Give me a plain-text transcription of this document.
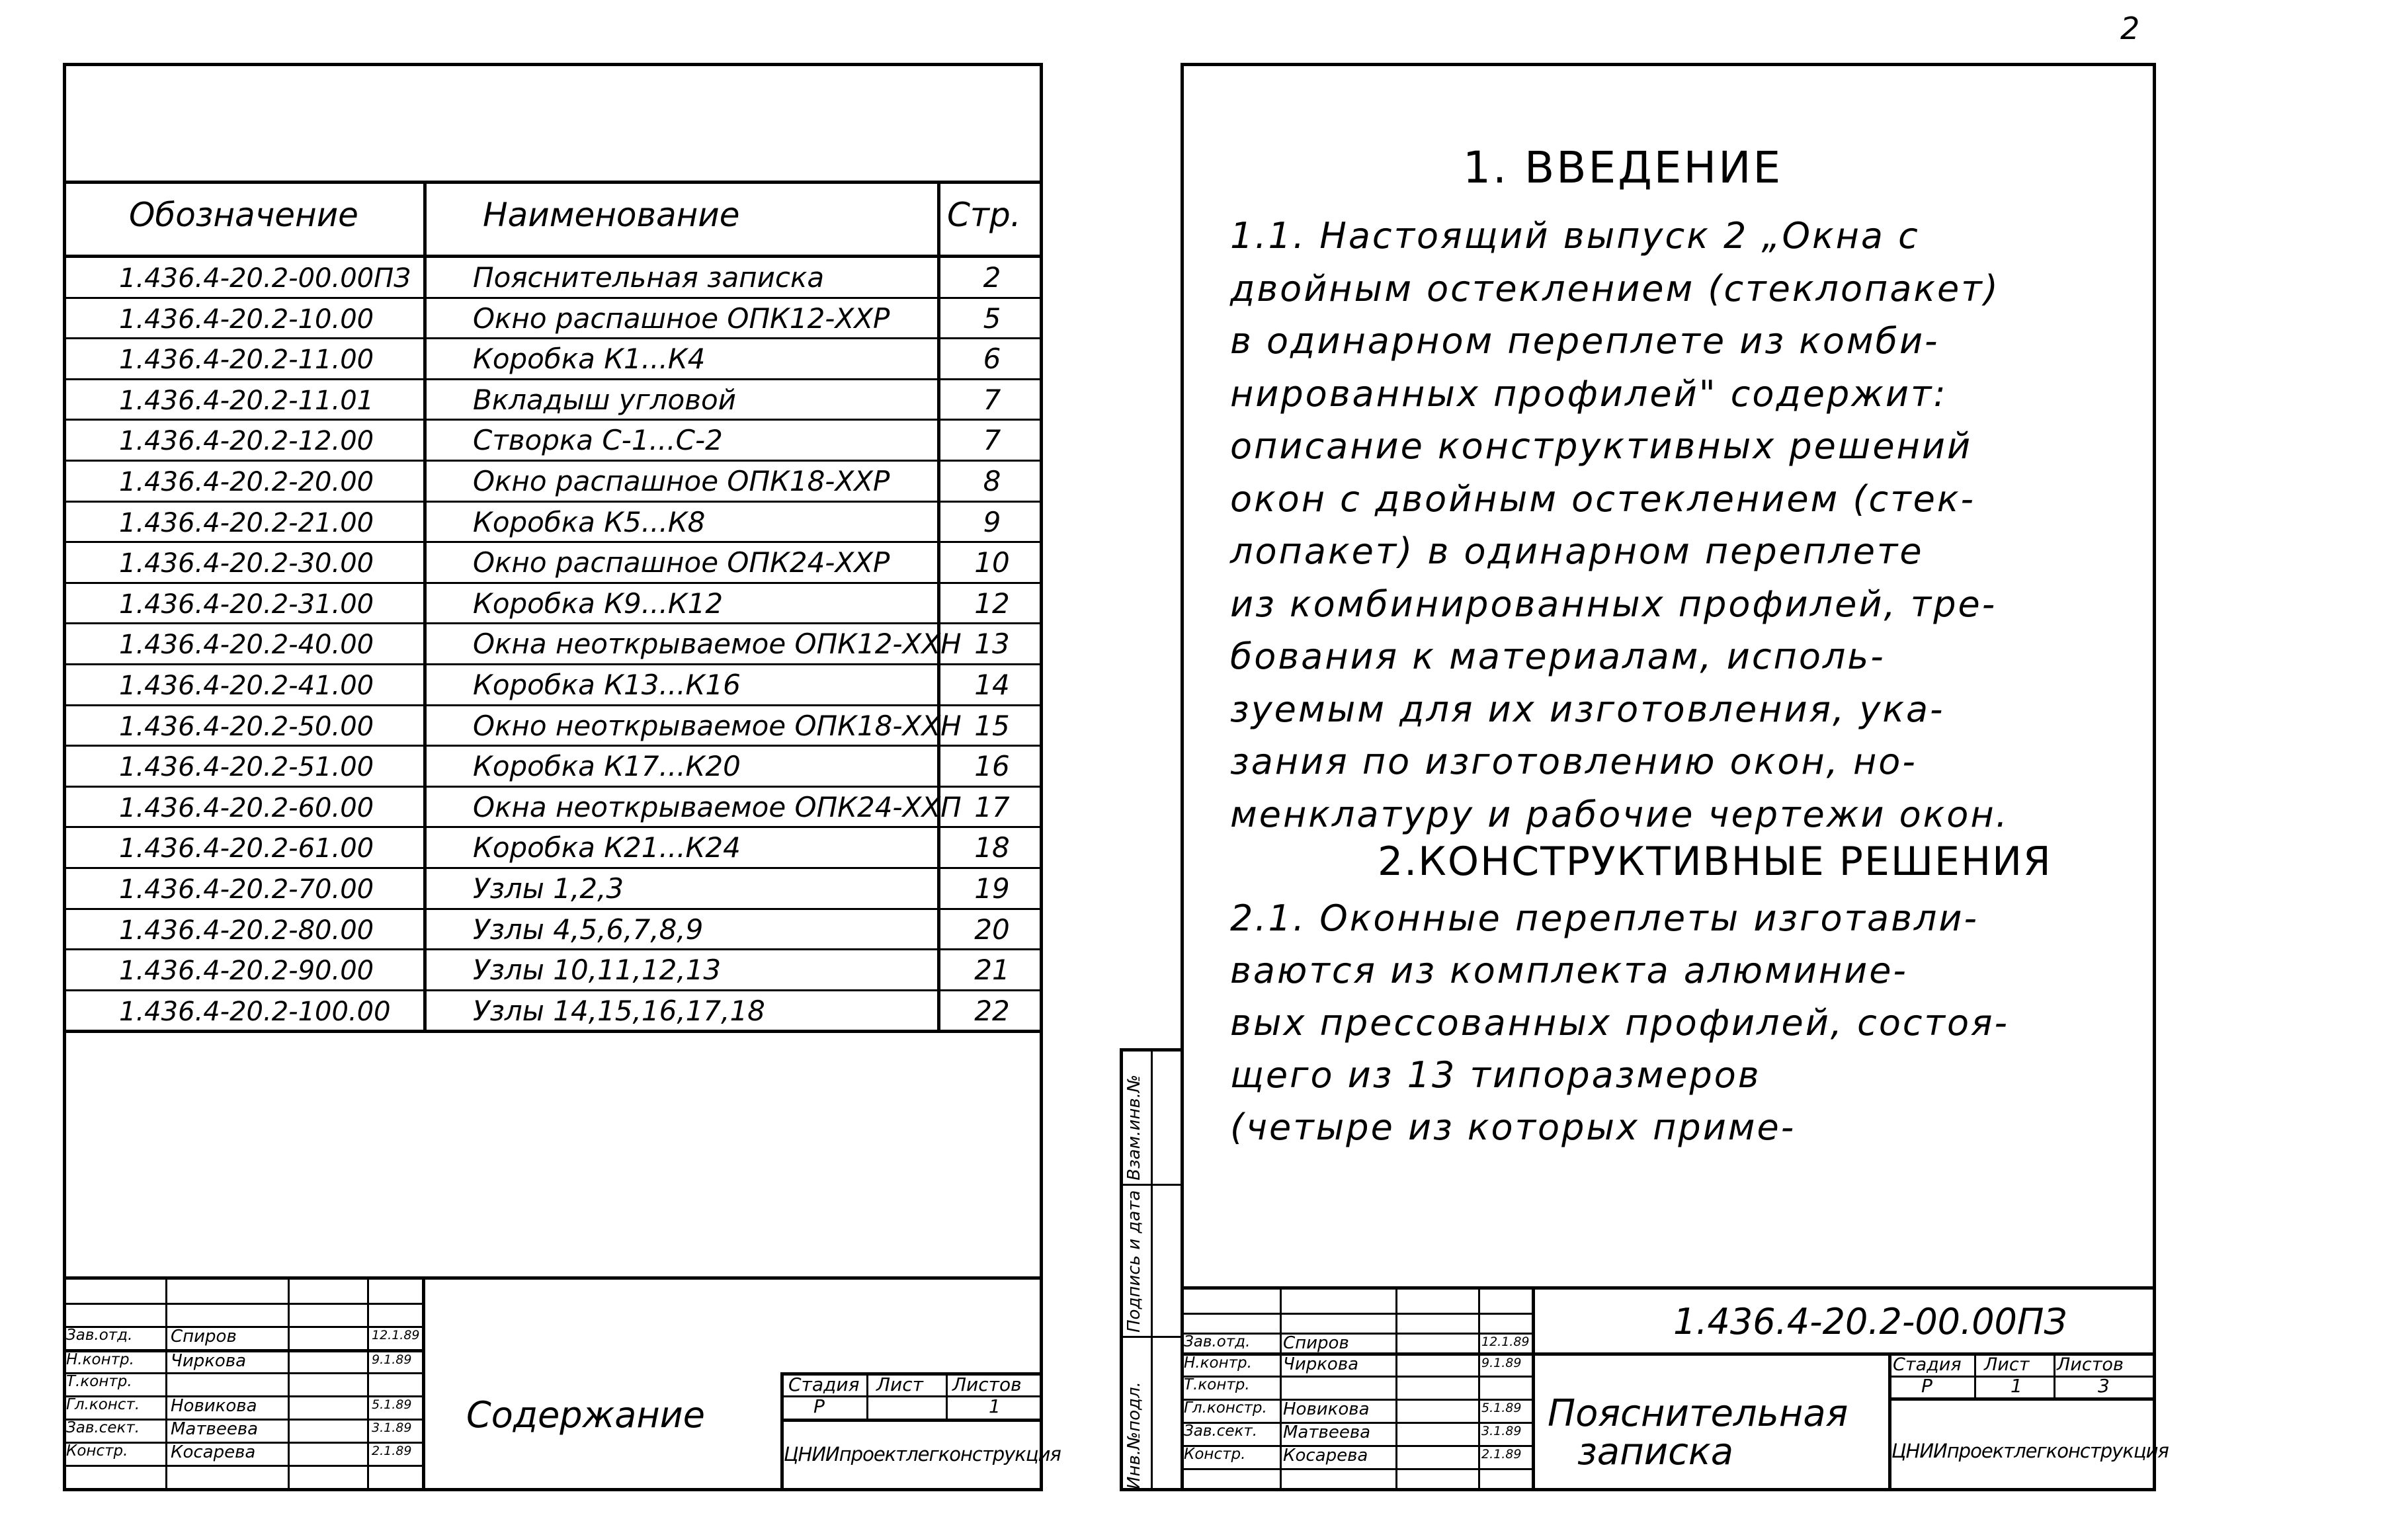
2
Обозначение	Наименование	Стр.
1.436.4-20.2-00.00ПЗ Пояснительная записка	2
1.436.4-20.2-10.00	Окно распашное ОПК12-ХХР	5
1.436.4-20.2-11.00	Коробка К1...К4	6
1.436.4-20.2-11.01	Вкладыш угловой	7
1.436.4-20.2-12.00	Створка С-1...С-2	7
1.436.4-20.2-20.00	Окно распашное ОПК18-ХХР	8
1.436.4-20.2-21.00	Коробка К5...К8	9
1.436.4-20.2-30.00	Окно распашное ОПК24-ХХР	10
1.436.4-20.2-31.00	Коробка К9...К12	12
1.436.4-20.2-40.00	Окна неоткрываемое ОПК12-ХХН 13
1.436.4-20.2-41.00	Коробка К13...К16	14
1.436.4-20.2-50.00	Окно неоткрываемое ОПК18-ХХН 15
1.436.4-20.2-51.00	Коробка К17...К20	16
1.436.4-20.2-60.00	Окна неоткрываемое ОПК24-ХХП 17
1.436.4-20.2-61.00	Коробка К21...К24	18
1.436.4-20.2-70.00	Узлы 1,2,3	19
1.436.4-20.2-80.00	Узлы 4,5,6,7,8,9	20
1.436.4-20.2-90.00	Узлы 10,11,12,13	21
1.436.4-20.2-100.00	Узлы 14,15,16,17,18	22
Зав.отд. Спиров	12.1.89
Н.контр. Чиркова	9.1.89
Т.контр.
Гл.конст. Новикова	5.1.89
Зав.сект. Матвеева	3.1.89
Констр. Косарева	2.1.89
Содержание
Стадия Лист Листов
Р	1
ЦНИИпроектлегконструкция	Инв.№подл.
Подпись и дата
Взам.инв.№
1. ВВЕДЕНИЕ
1.1. Настоящий выпуск 2 „Окна с
двойным остеклением (стеклопакет)
в одинарном переплете из комби-
нированных профилей" содержит:
описание конструктивных решений
окон с двойным остеклением (стек-
лопакет) в одинарном переплете
из комбинированных профилей, тре-
бования к материалам, исполь-
зуемым для их изготовления, ука-
зания по изготовлению окон, но-
менклатуру и рабочие чертежи окон.
2.КОНСТРУКТИВНЫЕ РЕШЕНИЯ
2.1. Оконные переплеты изготавли-
ваются из комплекта алюминие-
вых прессованных профилей, состоя-
щего из 13 типоразмеров
(четыре из которых приме-
Зав.отд. Спиров	12.1.89
Н.контр. Чиркова	9.1.89
Т.контр.
Гл.констр. Новикова	5.1.89
Зав.сект. Матвеева	3.1.89
Констр. Косарева	2.1.89
1.436.4-20.2-00.00ПЗ
Пояснительная
записка
Стадия Лист Листов
Р	1	3
ЦНИИпроектлегконструкция
